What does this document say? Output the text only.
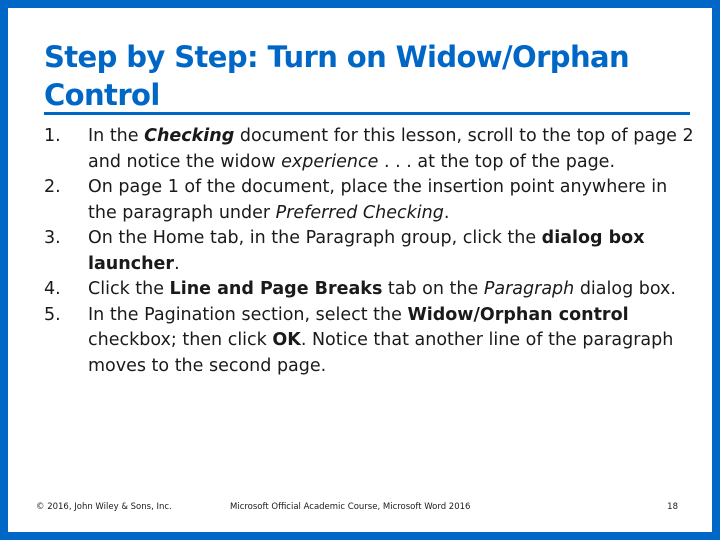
Step by Step: Turn on Widow/Orphan
Control
1. In the Checking document for this lesson, scroll to the top of page 2 and notice the widow experience . . . at the top of the page.
2. On page 1 of the document, place the insertion point anywhere in the paragraph under Preferred Checking.
3. On the Home tab, in the Paragraph group, click the dialog box launcher.
4. Click the Line and Page Breaks tab on the Paragraph dialog box.
5. In the Pagination section, select the Widow/Orphan control checkbox; then click OK. Notice that another line of the paragraph moves to the second page.
© 2016, John Wiley & Sons, Inc.	Microsoft Official Academic Course, Microsoft Word 2016	18
